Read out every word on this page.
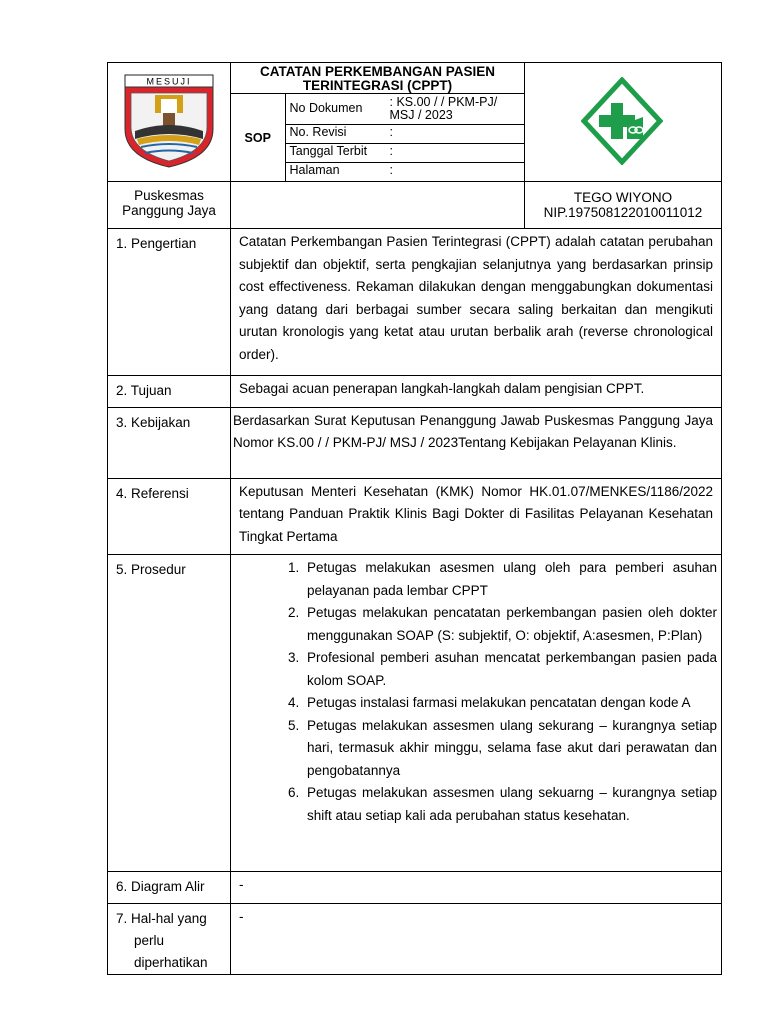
MESUJI

CATATAN PERKEMBANGAN PASIEN TERINTEGRASI (CPPT)
SOP	
No Dokumen	: KS.00 / / PKM-PJ/ MSJ / 2023

No. Revisi	:

Tanggal Terbit	:

Halaman	:

Puskesmas
Panggung Jaya

TEGO WIYONO
NIP.197508122010011012

1. Pengertian	Catatan Perkembangan Pasien Terintegrasi (CPPT) adalah catatan perubahan subjektif dan objektif, serta pengkajian selanjutnya yang berdasarkan prinsip cost effectiveness. Rekaman dilakukan dengan menggabungkan dokumentasi yang datang dari berbagai sumber secara saling berkaitan dan mengikuti urutan kronologis yang ketat atau urutan berbalik arah (reverse chronological order).
2. Tujuan	Sebagai acuan penerapan langkah-langkah dalam pengisian CPPT.
3. Kebijakan	Berdasarkan Surat Keputusan Penanggung Jawab Puskesmas Panggung Jaya Nomor KS.00 / / PKM-PJ/ MSJ / 2023Tentang Kebijakan Pelayanan Klinis.
4. Referensi	Keputusan Menteri Kesehatan (KMK) Nomor HK.01.07/MENKES/1186/2022 tentang Panduan Praktik Klinis Bagi Dokter di Fasilitas Pelayanan Kesehatan Tingkat Pertama
5. Prosedur	
1.Petugas melakukan asesmen ulang oleh para pemberi asuhan pelayanan pada lembar CPPT
2. Petugas melakukan pencatatan perkembangan pasien oleh dokter menggunakan SOAP (S: subjektif, O: objektif, A:asesmen, P:Plan)
3. Profesional pemberi asuhan mencatat perkembangan pasien pada kolom SOAP.
4. Petugas instalasi farmasi melakukan pencatatan dengan kode A
5. Petugas melakukan assesmen ulang sekurang – kurangnya setiap hari, termasuk akhir minggu, selama fase akut dari perawatan dan pengobatannya
6. Petugas melakukan assesmen ulang sekuarng – kurangnya setiap shift atau setiap kali ada perubahan status kesehatan.

6. Diagram Alir	-

7. Hal-hal yang
perlu
diperhatikan
	-
